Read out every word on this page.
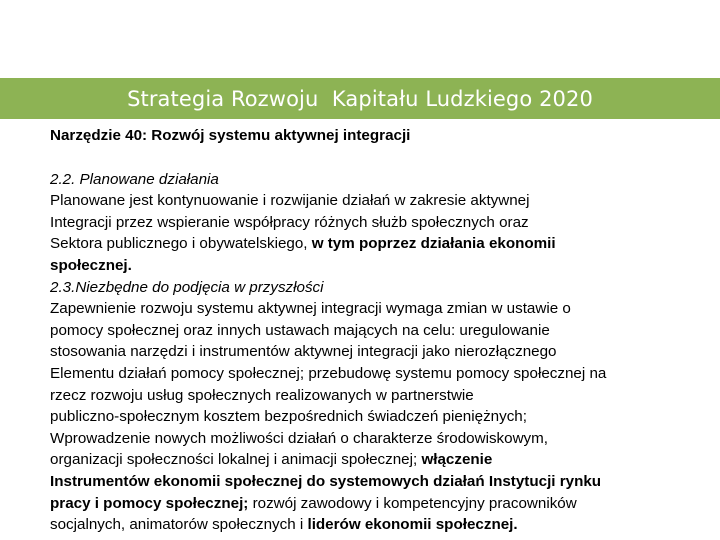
Strategia Rozwoju  Kapitału Ludzkiego 2020

Narzędzie 40: Rozwój systemu aktywnej integracji

2.2. Planowane działania

Planowane jest kontynuowanie i rozwijanie działań w zakresie aktywnej

Integracji przez wspieranie współpracy różnych służb społecznych oraz

Sektora publicznego i obywatelskiego, w tym poprzez działania ekonomii

społecznej.

2.3.Niezbędne do podjęcia w przyszłości

Zapewnienie rozwoju systemu aktywnej integracji wymaga zmian w ustawie o

pomocy społecznej oraz innych ustawach mających na celu: uregulowanie

stosowania narzędzi i instrumentów aktywnej integracji jako nierozłącznego

Elementu działań pomocy społecznej; przebudowę systemu pomocy społecznej na

rzecz rozwoju usług społecznych realizowanych w partnerstwie

publiczno-społecznym kosztem bezpośrednich świadczeń pieniężnych;

Wprowadzenie nowych możliwości działań o charakterze środowiskowym,

organizacji społeczności lokalnej i animacji społecznej; włączenie

Instrumentów ekonomii społecznej do systemowych działań Instytucji rynku

pracy i pomocy społecznej; rozwój zawodowy i kompetencyjny pracowników

socjalnych, animatorów społecznych i liderów ekonomii społecznej.
